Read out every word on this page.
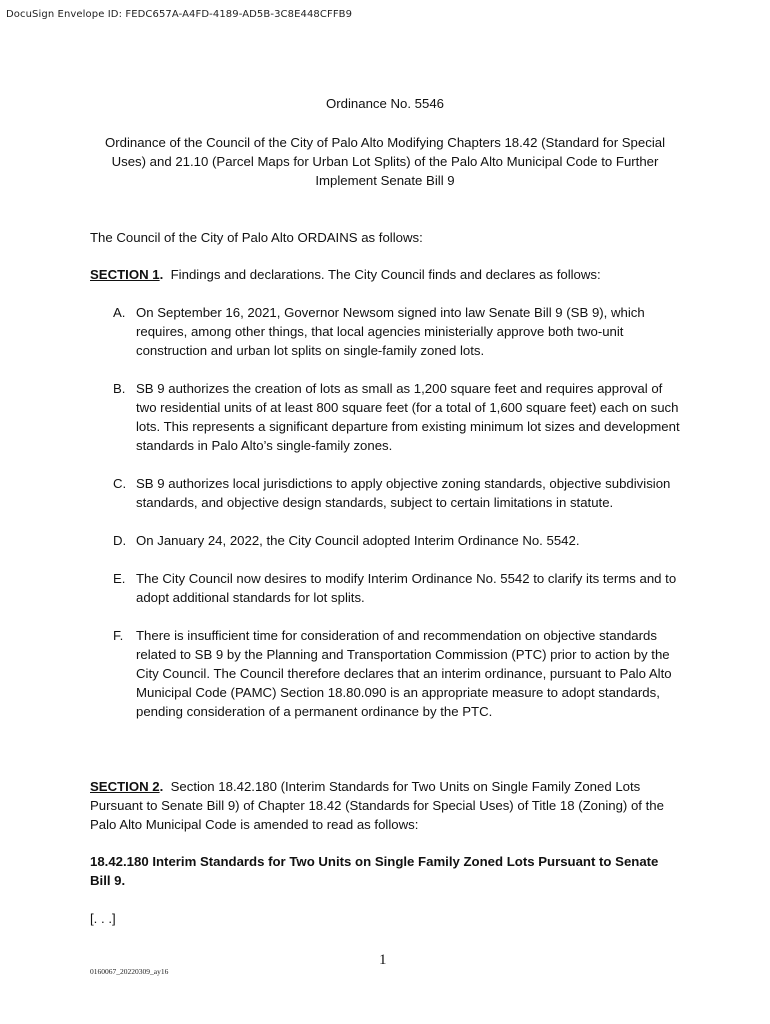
DocuSign Envelope ID: FEDC657A-A4FD-4189-AD5B-3C8E448CFFB9
Ordinance No. 5546
Ordinance of the Council of the City of Palo Alto Modifying Chapters 18.42 (Standard for Special Uses) and 21.10 (Parcel Maps for Urban Lot Splits) of the Palo Alto Municipal Code to Further Implement Senate Bill 9
The Council of the City of Palo Alto ORDAINS as follows:
SECTION 1. Findings and declarations. The City Council finds and declares as follows:
A. On September 16, 2021, Governor Newsom signed into law Senate Bill 9 (SB 9), which requires, among other things, that local agencies ministerially approve both two-unit construction and urban lot splits on single-family zoned lots.
B. SB 9 authorizes the creation of lots as small as 1,200 square feet and requires approval of two residential units of at least 800 square feet (for a total of 1,600 square feet) each on such lots. This represents a significant departure from existing minimum lot sizes and development standards in Palo Alto’s single-family zones.
C. SB 9 authorizes local jurisdictions to apply objective zoning standards, objective subdivision standards, and objective design standards, subject to certain limitations in statute.
D. On January 24, 2022, the City Council adopted Interim Ordinance No. 5542.
E. The City Council now desires to modify Interim Ordinance No. 5542 to clarify its terms and to adopt additional standards for lot splits.
F. There is insufficient time for consideration of and recommendation on objective standards related to SB 9 by the Planning and Transportation Commission (PTC) prior to action by the City Council. The Council therefore declares that an interim ordinance, pursuant to Palo Alto Municipal Code (PAMC) Section 18.80.090 is an appropriate measure to adopt standards, pending consideration of a permanent ordinance by the PTC.
SECTION 2. Section 18.42.180 (Interim Standards for Two Units on Single Family Zoned Lots Pursuant to Senate Bill 9) of Chapter 18.42 (Standards for Special Uses) of Title 18 (Zoning) of the Palo Alto Municipal Code is amended to read as follows:
18.42.180 Interim Standards for Two Units on Single Family Zoned Lots Pursuant to Senate Bill 9.
[. . .]
1
0160067_20220309_ay16
